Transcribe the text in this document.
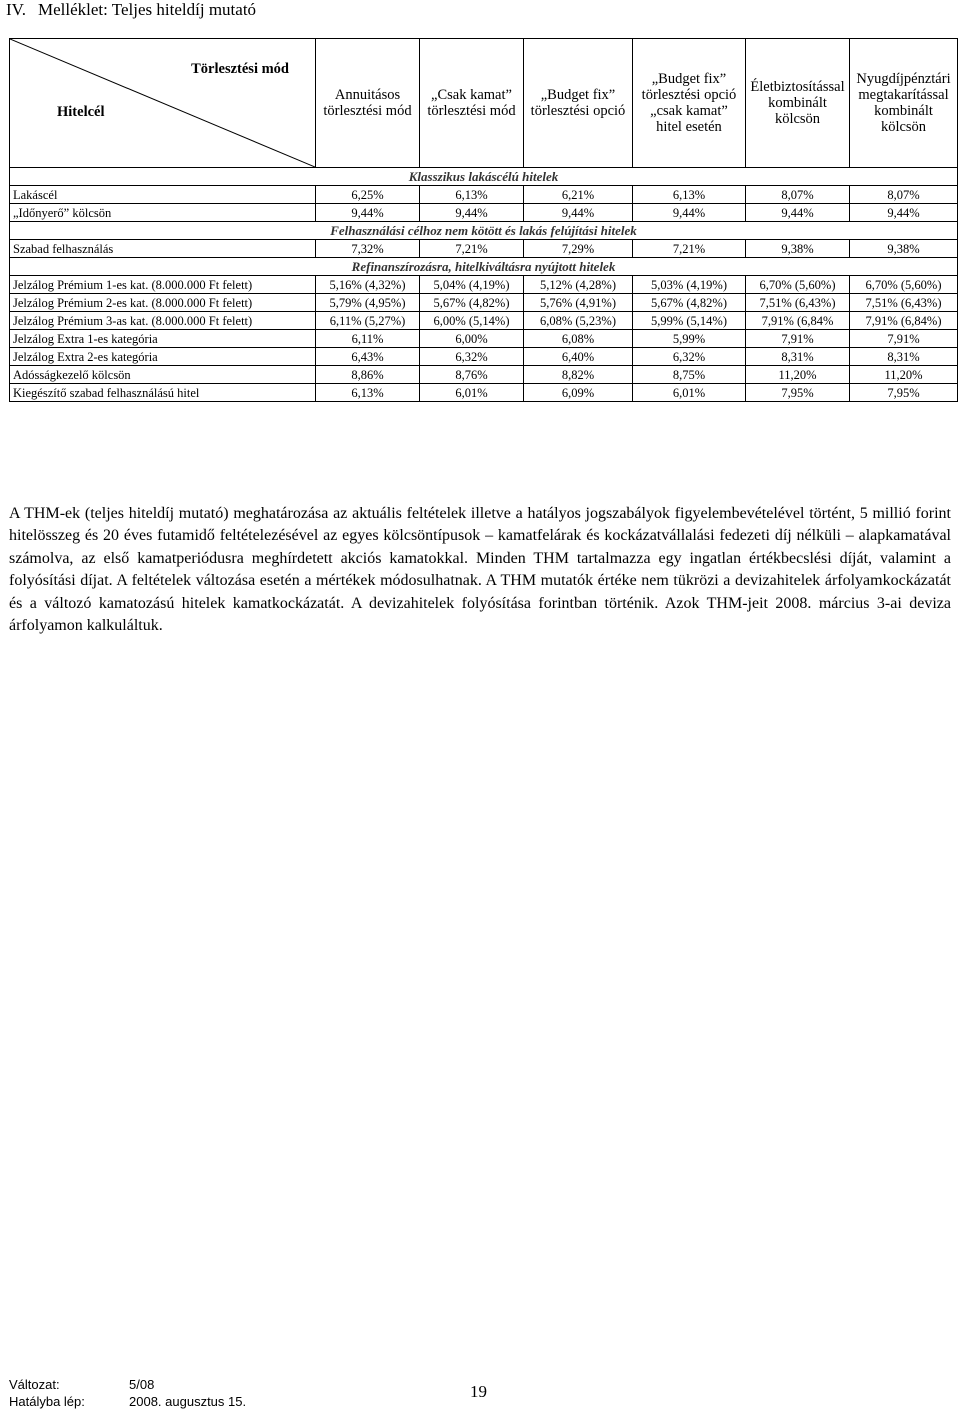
IV. Melléklet: Teljes hiteldíj mutató
Törlesztési mód
Hitelcél	Annuitásos törlesztési mód	„Csak kamat” törlesztési mód	„Budget fix” törlesztési opció	„Budget fix” törlesztési opció „csak kamat” hitel esetén	Életbiztosítással kombinált kölcsön	Nyugdíjpénztári megtakarítással kombinált kölcsön
Klasszikus lakáscélú hitelek						
Lakáscél	6,25%	6,13%	6,21%	6,13%	8,07%	8,07%
„Időnyerő” kölcsön	9,44%	9,44%	9,44%	9,44%	9,44%	9,44%
Felhasználási célhoz nem kötött és lakás felújítási hitelek						
Szabad felhasználás	7,32%	7,21%	7,29%	7,21%	9,38%	9,38%
Refinanszírozásra, hitelkiváltásra nyújtott hitelek						
Jelzálog Prémium 1-es kat. (8.000.000 Ft felett)	5,16% (4,32%)	5,04% (4,19%)	5,12% (4,28%)	5,03% (4,19%)	6,70% (5,60%)	6,70% (5,60%)
Jelzálog Prémium 2-es kat. (8.000.000 Ft felett)	5,79% (4,95%)	5,67% (4,82%)	5,76% (4,91%)	5,67% (4,82%)	7,51% (6,43%)	7,51% (6,43%)
Jelzálog Prémium 3-as kat. (8.000.000 Ft felett)	6,11% (5,27%)	6,00% (5,14%)	6,08% (5,23%)	5,99% (5,14%)	7,91% (6,84%	7,91% (6,84%)
Jelzálog Extra 1-es kategória	6,11%	6,00%	6,08%	5,99%	7,91%	7,91%
Jelzálog Extra 2-es kategória	6,43%	6,32%	6,40%	6,32%	8,31%	8,31%
Adósságkezelő kölcsön	8,86%	8,76%	8,82%	8,75%	11,20%	11,20%
Kiegészítő szabad felhasználású hitel	6,13%	6,01%	6,09%	6,01%	7,95%	7,95%

A THM-ek (teljes hiteldíj mutató) meghatározása az aktuális feltételek illetve a hatályos jogszabályok figyelembevételével történt, 5 millió forint hitelösszeg és 20 éves futamidő feltételezésével az egyes kölcsöntípusok – kamatfelárak és kockázatvállalási fedezeti díj nélküli – alapkamatával számolva, az első kamatperiódusra meghírdetett akciós kamatokkal. Minden THM tartalmazza egy ingatlan értékbecslési díját, valamint a folyósítási díjat. A feltételek változása esetén a mértékek módosulhatnak. A THM mutatók értéke nem tükrözi a devizahitelek árfolyamkockázatát és a változó kamatozású hitelek kamatkockázatát. A devizahitelek folyósítása forintban történik. Azok THM-jeit 2008. március 3-ai deviza árfolyamon kalkuláltuk.

Változat:	5/08
Hatályba lép:	2008. augusztus 15.
19
